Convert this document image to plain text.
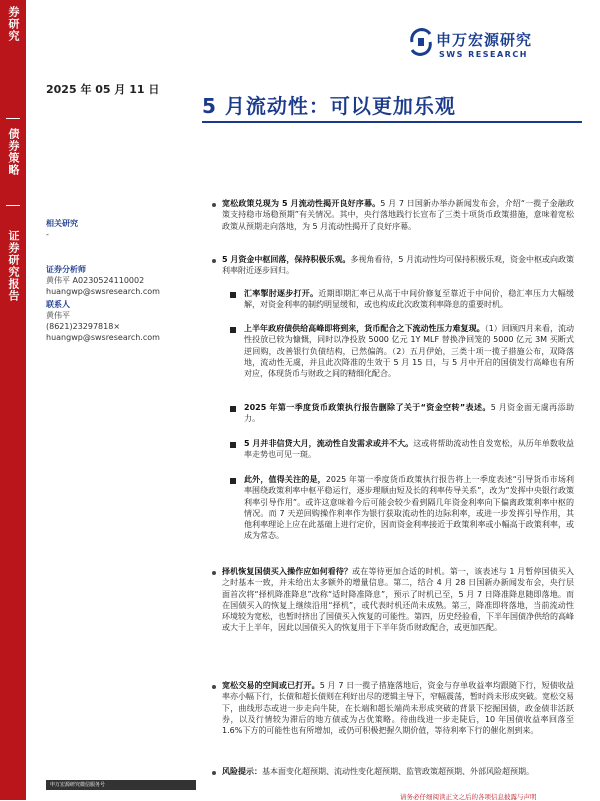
券研究
债券策略
证券研究报告
申万宏源研究
SWS RESEARCH
2025 年 05 月 11 日
5 月流动性：可以更加乐观
相关研究
-
证券分析师
黄伟平 A0230524110002
huangwp@swsresearch.com
联系人
黄伟平
(8621)23297818×
huangwp@swsresearch.com
宽松政策兑现为 5 月流动性揭开良好序幕。5 月 7 日国新办举办新闻发布会，介绍“一揽子金融政策支持稳市场稳预期”有关情况。其中，央行落地践行长宣布了三类十项货币政策措施，意味着宽松政策从预期走向落地，为 5 月流动性揭开了良好序幕。
5 月资金中枢回落，保持积极乐观。多视角看待，5 月流动性均可保持积极乐观，资金中枢或向政策利率附近逐步回归。
汇率掣肘逐步打开。近期即期汇率已从高于中间价修复至靠近于中间价，稳汇率压力大幅缓解，对资金利率的制约明显缓和，或也构成此次政策利率降息的重要时机。
上半年政府债供给高峰即将到来，货币配合之下流动性压力难复现。（1）回顾四月来看，流动性投放已较为慷慨，同时以净投放 5000 亿元 1Y MLF 替换净回笼的 5000 亿元 3M 买断式逆回购，改善银行负债结构，已然偏鸽。（2）五月伊始，三类十项一揽子措施公布，双降落地，流动性无虞，并且此次降准的生效于 5 月 15 日，与 5 月中开启的国债发行高峰也有所对应，体现货币与财政之间的精细化配合。
2025 年第一季度货币政策执行报告删除了关于“资金空转”表述。5 月资金面无虞再添助力。
5 月并非信贷大月，流动性自发需求或并不大。这或将帮助流动性自发宽松，从历年单数收益率走势也可见一斑。
此外，值得关注的是，2025 年第一季度货币政策执行报告将上一季度表述“引导货币市场利率围绕政策利率中枢平稳运行，逐步理顺由短及长的利率传导关系”，改为“发挥中央银行政策利率引导作用”。或许这意味着今后可能会较少看到隔几年资金利率向下偏离政策利率中枢的情况。而 7 天逆回购操作利率作为银行获取流动性的边际利率，或进一步发挥引导作用，其他利率理论上应在此基础上进行定价，因而资金利率接近于政策利率或小幅高于政策利率，或成为常态。
择机恢复国债买入操作应如何看待？或在等待更加合适的时机。第一，该表述与 1 月暂停国债买入之时基本一致，并未给出太多额外的增量信息。第二，结合 4 月 28 日国新办新闻发布会，央行层面首次将“择机降准降息”改称“适时降准降息”，预示了时机已至，5 月 7 日降准降息随即落地。而在国债买入的恢复上继续沿用“择机”，或代表时机还尚未成熟。第三，降准即将落地，当前流动性环境较为宽松，也暂时挤出了国债买入恢复的可能性。第四，历史经验看，下半年国债净供给的高峰或大于上半年，因此以国债买入的恢复用于下半年货币财政配合，或更加匹配。
宽松交易的空间或已打开。5 月 7 日一揽子措施落地后，资金与存单收益率均跟随下行，短债收益率亦小幅下行，长债和超长债则在利好出尽的逻辑主导下，窄幅震荡，暂时尚未形成突破。宽松交易下，曲线形态或进一步走向牛陡，在长端和超长端尚未形成突破的背景下挖掘国债，政金债非活跃券，以及行情较为滞后的地方债或为占优策略。待曲线进一步走陡后，10 年国债收益率回落至 1.6%下方的可能性也有所增加，或仍可积极把握久期价值，等待利率下行的催化剂到来。
风险提示：基本面变化超预期、流动性变化超预期、监管政策超预期、外部风险超预期。
申万宏源研究微信服务号
请务必仔细阅读正文之后的各项信息披露与声明
